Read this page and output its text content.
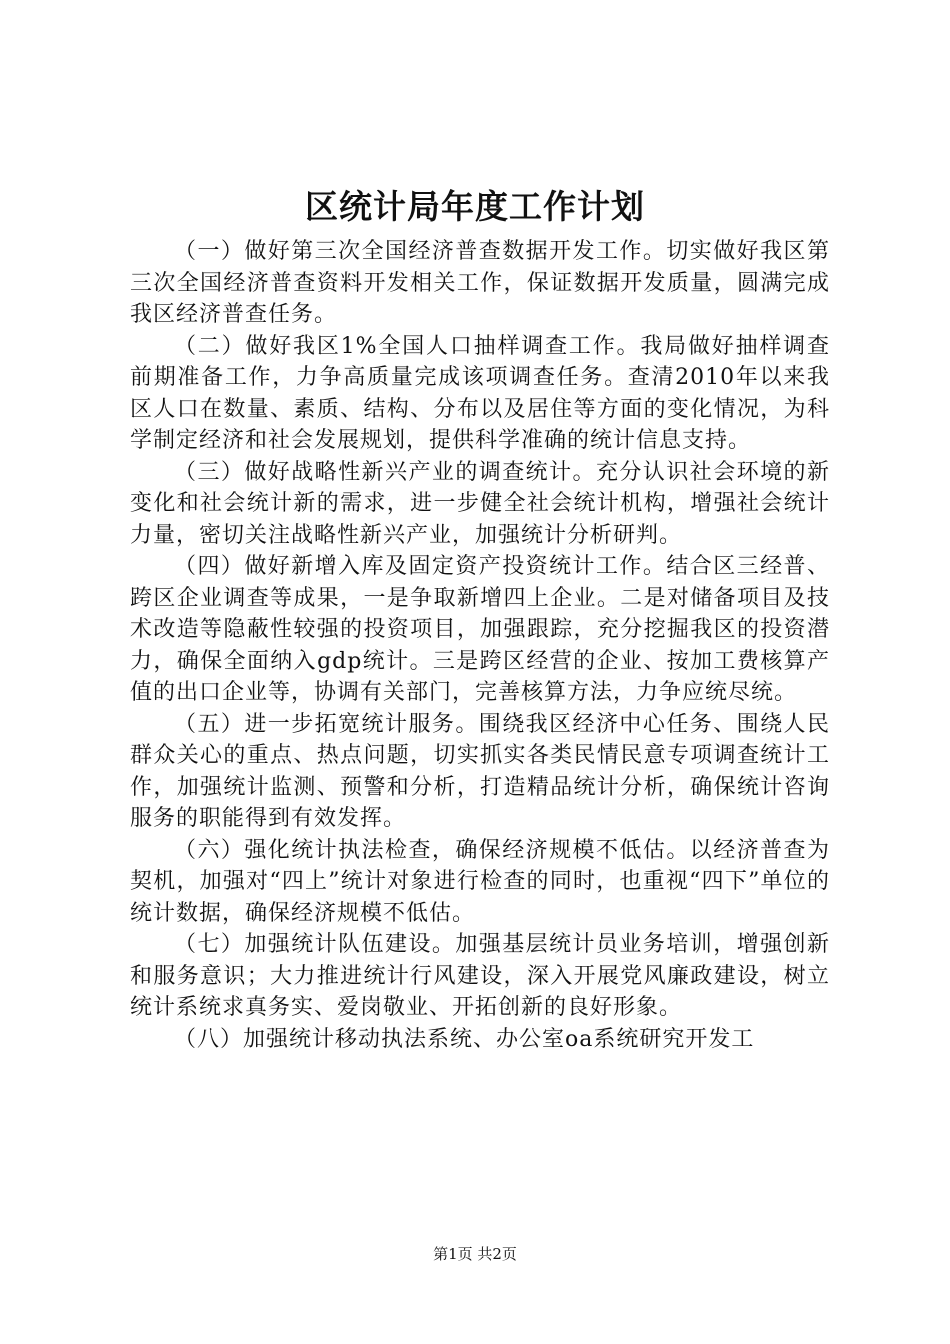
区统计局年度工作计划

（一）做好第三次全国经济普查数据开发工作。切实做好我区第三次全国经济普查资料开发相关工作，保证数据开发质量，圆满完成我区经济普查任务。

（二）做好我区1%全国人口抽样调查工作。我局做好抽样调查前期准备工作，力争高质量完成该项调查任务。查清2010年以来我区人口在数量、素质、结构、分布以及居住等方面的变化情况，为科学制定经济和社会发展规划，提供科学准确的统计信息支持。

（三）做好战略性新兴产业的调查统计。充分认识社会环境的新变化和社会统计新的需求，进一步健全社会统计机构，增强社会统计力量，密切关注战略性新兴产业，加强统计分析研判。

（四）做好新增入库及固定资产投资统计工作。结合区三经普、跨区企业调查等成果，一是争取新增四上企业。二是对储备项目及技术改造等隐蔽性较强的投资项目，加强跟踪，充分挖掘我区的投资潜力，确保全面纳入gdp统计。三是跨区经营的企业、按加工费核算产值的出口企业等，协调有关部门，完善核算方法，力争应统尽统。

（五）进一步拓宽统计服务。围绕我区经济中心任务、围绕人民群众关心的重点、热点问题，切实抓实各类民情民意专项调查统计工作，加强统计监测、预警和分析，打造精品统计分析，确保统计咨询服务的职能得到有效发挥。

（六）强化统计执法检查，确保经济规模不低估。以经济普查为契机，加强对“四上”统计对象进行检查的同时，也重视“四下”单位的统计数据，确保经济规模不低估。

（七）加强统计队伍建设。加强基层统计员业务培训，增强创新和服务意识；大力推进统计行风建设，深入开展党风廉政建设，树立统计系统求真务实、爱岗敬业、开拓创新的良好形象。

（八）加强统计移动执法系统、办公室oa系统研究开发工

第1页 共2页
